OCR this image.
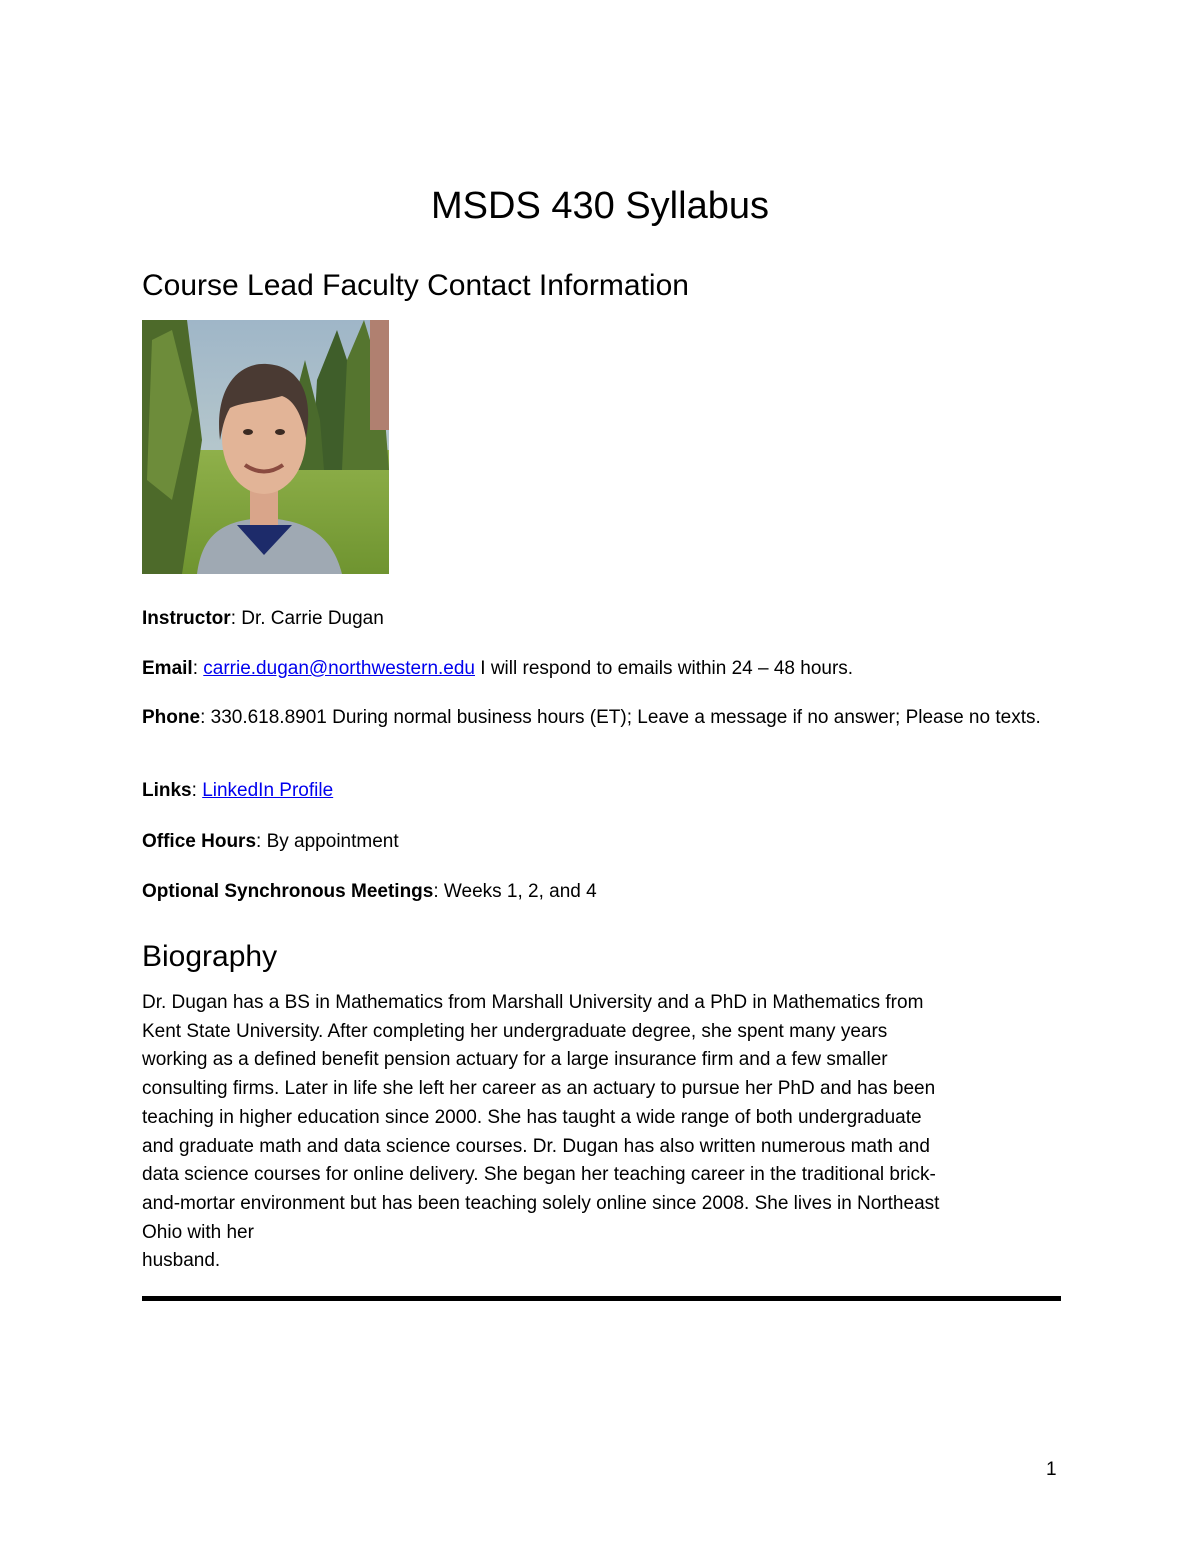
MSDS 430 Syllabus
Course Lead Faculty Contact Information

Instructor: Dr. Carrie Dugan

Email: carrie.dugan@northwestern.edu I will respond to emails within 24 – 48 hours.

Phone: 330.618.8901 During normal business hours (ET); Leave a message if no answer; Please no texts.

Links: LinkedIn Profile

Office Hours: By appointment

Optional Synchronous Meetings: Weeks 1, 2, and 4

Biography

Dr. Dugan has a BS in Mathematics from Marshall University and a PhD in Mathematics from
Kent State University. After completing her undergraduate degree, she spent many years
working as a defined benefit pension actuary for a large insurance firm and a few smaller
consulting firms. Later in life she left her career as an actuary to pursue her PhD and has been
teaching in higher education since 2000. She has taught a wide range of both undergraduate
and graduate math and data science courses. Dr. Dugan has also written numerous math and
data science courses for online delivery. She began her teaching career in the traditional brick-
and-mortar environment but has been teaching solely online since 2008. She lives in Northeast
Ohio with her
husband.

1
